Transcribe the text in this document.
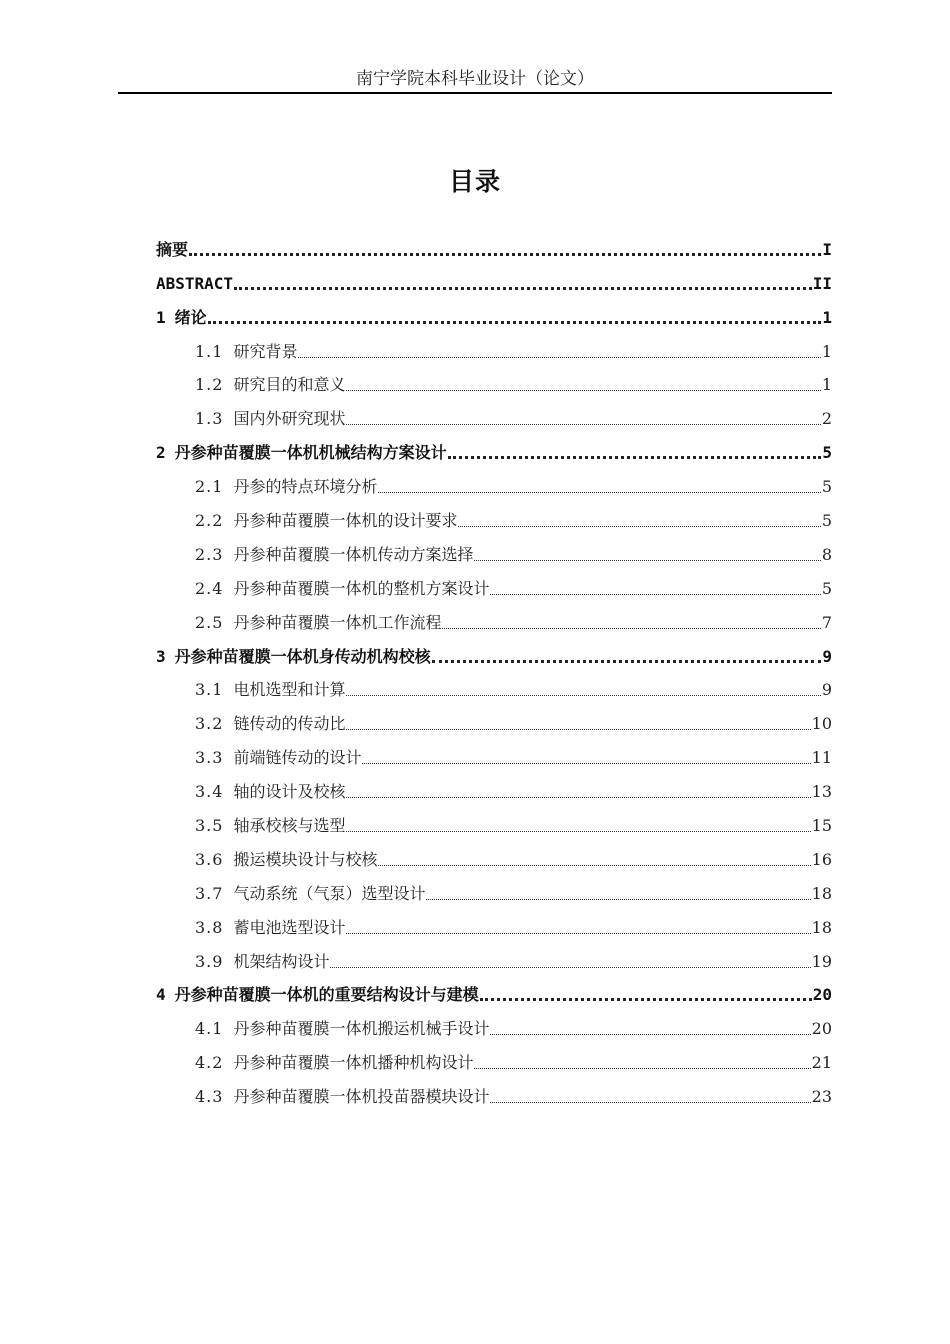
南宁学院本科毕业设计（论文）
目录
摘要	I
ABSTRACT	II
1 绪论	1
1.1 研究背景	1
1.2 研究目的和意义	1
1.3 国内外研究现状	2
2 丹参种苗覆膜一体机机械结构方案设计	5
2.1 丹参的特点环境分析	5
2.2 丹参种苗覆膜一体机的设计要求	5
2.3 丹参种苗覆膜一体机传动方案选择	8
2.4 丹参种苗覆膜一体机的整机方案设计	5
2.5 丹参种苗覆膜一体机工作流程	7
3 丹参种苗覆膜一体机身传动机构校核	9
3.1 电机选型和计算	9
3.2 链传动的传动比	10
3.3 前端链传动的设计	11
3.4 轴的设计及校核	13
3.5 轴承校核与选型	15
3.6 搬运模块设计与校核	16
3.7 气动系统（气泵）选型设计	18
3.8 蓄电池选型设计	18
3.9 机架结构设计	19
4 丹参种苗覆膜一体机的重要结构设计与建模	20
4.1 丹参种苗覆膜一体机搬运机械手设计	20
4.2 丹参种苗覆膜一体机播种机构设计	21
4.3 丹参种苗覆膜一体机投苗器模块设计	23
